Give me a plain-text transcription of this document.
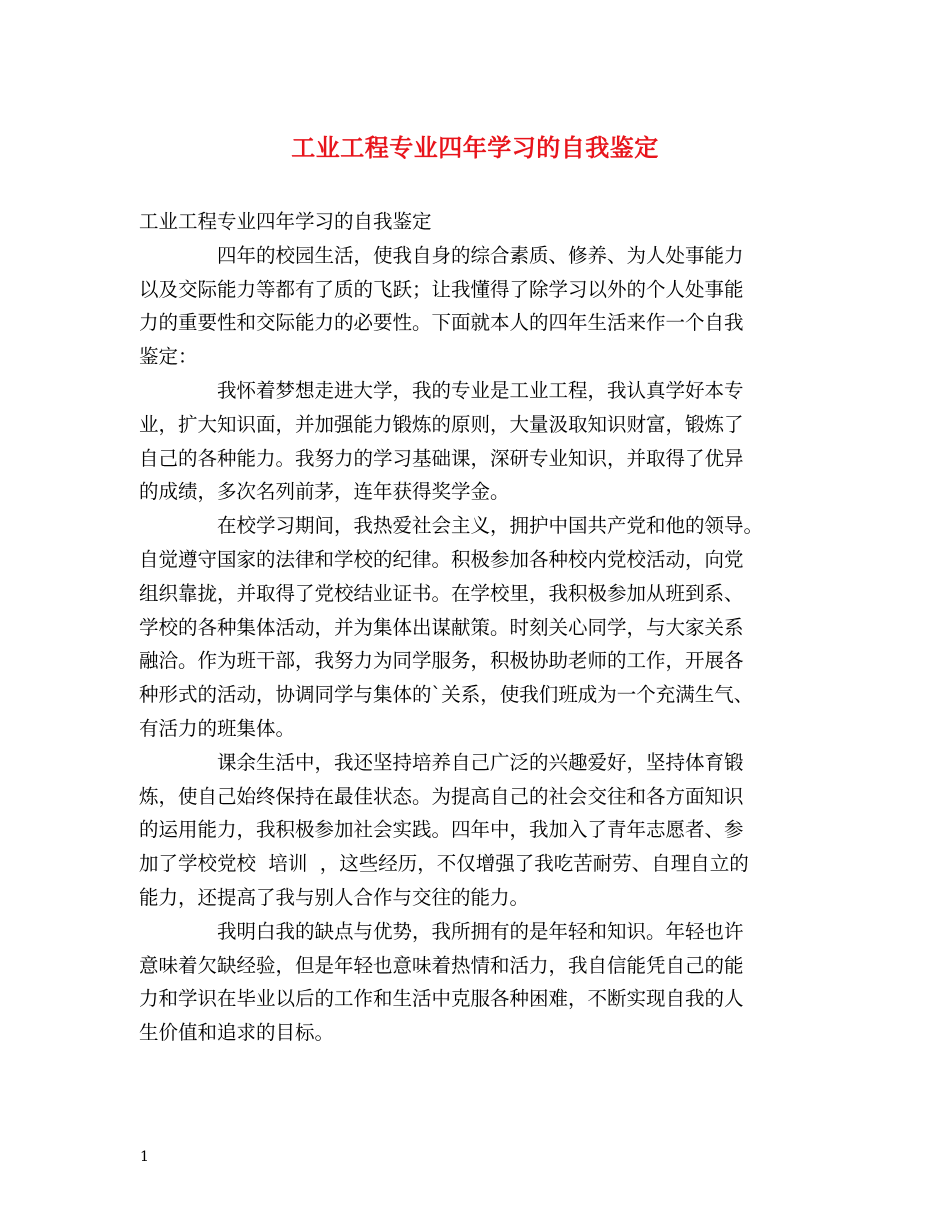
工业工程专业四年学习的自我鉴定

工业工程专业四年学习的自我鉴定

四年的校园生活，使我自身的综合素质、修养、为人处事能力
以及交际能力等都有了质的飞跃；让我懂得了除学习以外的个人处事能
力的重要性和交际能力的必要性。下面就本人的四年生活来作一个自我
鉴定：

我怀着梦想走进大学，我的专业是工业工程，我认真学好本专
业，扩大知识面，并加强能力锻炼的原则，大量汲取知识财富，锻炼了
自己的各种能力。我努力的学习基础课，深研专业知识，并取得了优异
的成绩，多次名列前茅，连年获得奖学金。

在校学习期间，我热爱社会主义，拥护中国共产党和他的领导。
自觉遵守国家的法律和学校的纪律。积极参加各种校内党校活动，向党
组织靠拢，并取得了党校结业证书。在学校里，我积极参加从班到系、
学校的各种集体活动，并为集体出谋献策。时刻关心同学，与大家关系
融洽。作为班干部，我努力为同学服务，积极协助老师的工作，开展各
种形式的活动，协调同学与集体的`关系，使我们班成为一个充满生气、
有活力的班集体。

课余生活中，我还坚持培养自己广泛的兴趣爱好，坚持体育锻
炼，使自己始终保持在最佳状态。为提高自己的社会交往和各方面知识
的运用能力，我积极参加社会实践。四年中，我加入了青年志愿者、参
加了学校党校  培训  ，这些经历，不仅增强了我吃苦耐劳、自理自立的
能力，还提高了我与别人合作与交往的能力。

我明白我的缺点与优势，我所拥有的是年轻和知识。年轻也许
意味着欠缺经验，但是年轻也意味着热情和活力，我自信能凭自己的能
力和学识在毕业以后的工作和生活中克服各种困难，不断实现自我的人
生价值和追求的目标。

1
